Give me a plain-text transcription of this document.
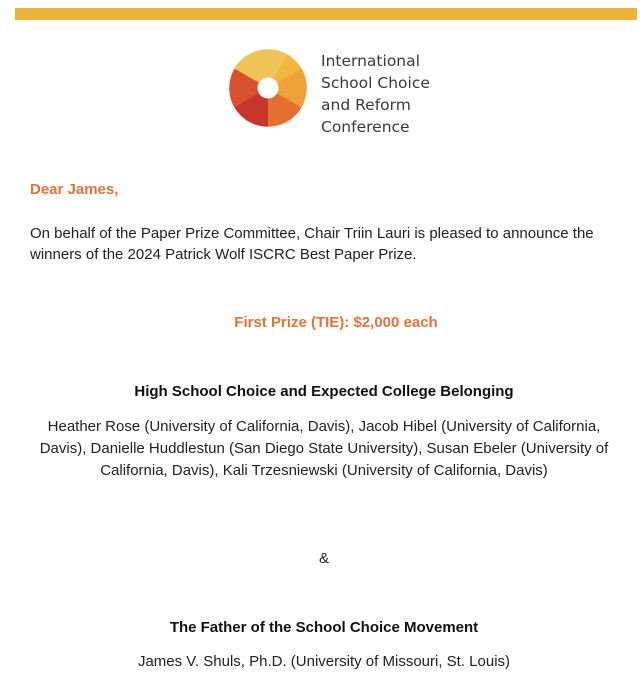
International
School Choice
and Reform
Conference
Dear James,
On behalf of the Paper Prize Committee, Chair Triin Lauri is pleased to announce the winners of the 2024 Patrick Wolf ISCRC Best Paper Prize.
First Prize (TIE): $2,000 each
High School Choice and Expected College Belonging
Heather Rose (University of California, Davis), Jacob Hibel (University of California, Davis), Danielle Huddlestun (San Diego State University), Susan Ebeler (University of California, Davis), Kali Trzesniewski (University of California, Davis)
&
The Father of the School Choice Movement
James V. Shuls, Ph.D. (University of Missouri, St. Louis)
